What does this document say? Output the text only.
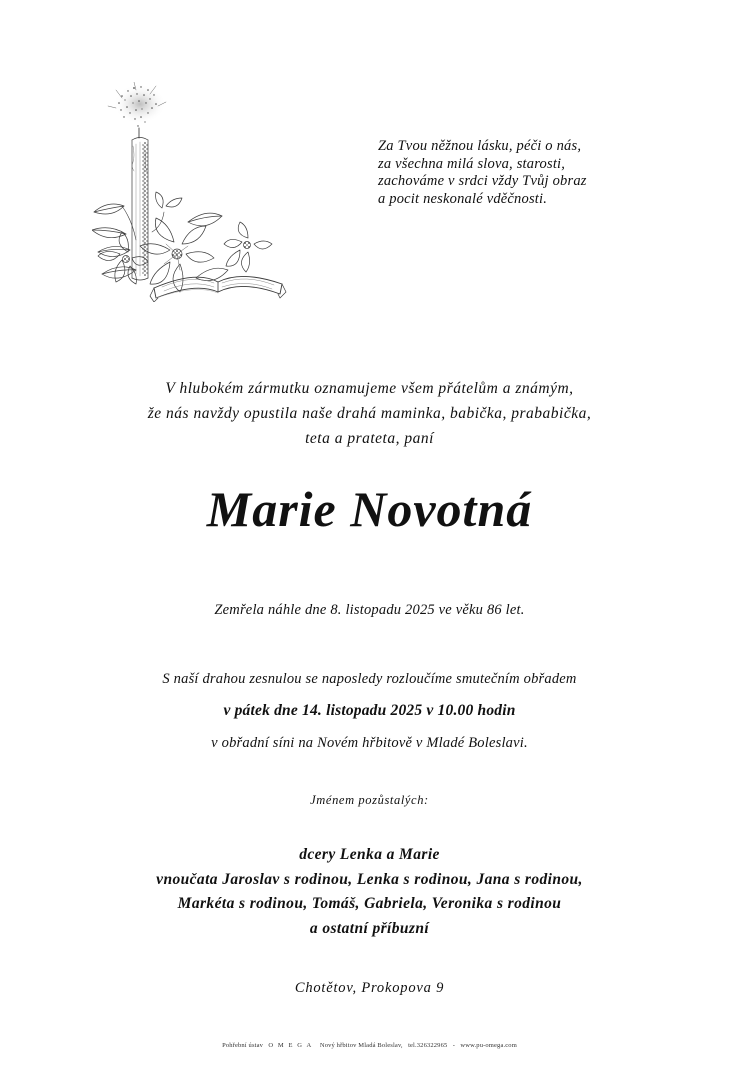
Za Tvou něžnou lásku, péči o nás,
za všechna milá slova, starosti,
zachováme v srdci vždy Tvůj obraz
a pocit neskonalé vděčnosti.
V hlubokém zármutku oznamujeme všem přátelům a známým,
že nás navždy opustila naše drahá maminka, babička, prababička,
teta a prateta, paní
Marie Novotná
Zemřela náhle dne 8. listopadu 2025 ve věku 86 let.
S naší drahou zesnulou se naposledy rozloučíme smutečním obřadem
v pátek dne 14. listopadu 2025 v 10.00 hodin
v obřadní síni na Novém hřbitově v Mladé Boleslavi.
Jménem pozůstalých:
dcery Lenka a Marie
vnoučata Jaroslav s rodinou, Lenka s rodinou, Jana s rodinou,
Markéta s rodinou, Tomáš, Gabriela, Veronika s rodinou
a ostatní příbuzní
Chotětov, Prokopova 9
Pohřební ústav O M E G A Nový hřbitov Mladá Boleslav, tel.326322965 - www.pu-omega.com
